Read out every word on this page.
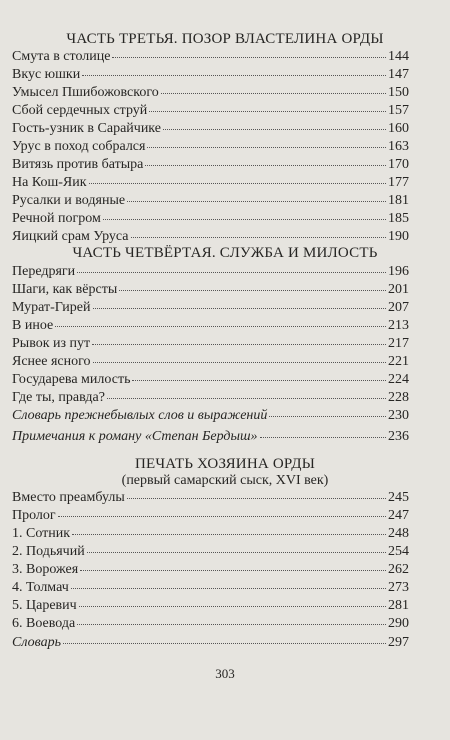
ЧАСТЬ ТРЕТЬЯ. ПОЗОР ВЛАСТЕЛИНА ОРДЫ
Смута в столице	144
Вкус юшки	147
Умысел Пшибожовского	150
Сбой сердечных струй	157
Гость-узник в Сарайчике	160
Урус в поход собрался	163
Витязь против батыра	170
На Кош-Яик	177
Русалки и водяные	181
Речной погром	185
Яицкий срам Уруса	190
ЧАСТЬ ЧЕТВЁРТАЯ. СЛУЖБА И МИЛОСТЬ
Передряги	196
Шаги, как вёрсты	201
Мурат-Гирей	207
В иное	213
Рывок из пут	217
Яснее ясного	221
Государева милость	224
Где ты, правда?	228
Словарь прежнебывлых слов и выражений	230
Примечания к роману «Степан Бердыш»	236
ПЕЧАТЬ ХОЗЯИНА ОРДЫ
(первый самарский сыск, XVI век)
Вместо преамбулы	245
Пролог	247
1. Сотник	248
2. Подьячий	254
3. Ворожея	262
4. Толмач	273
5. Царевич	281
6. Воевода	290
Словарь	297
303
